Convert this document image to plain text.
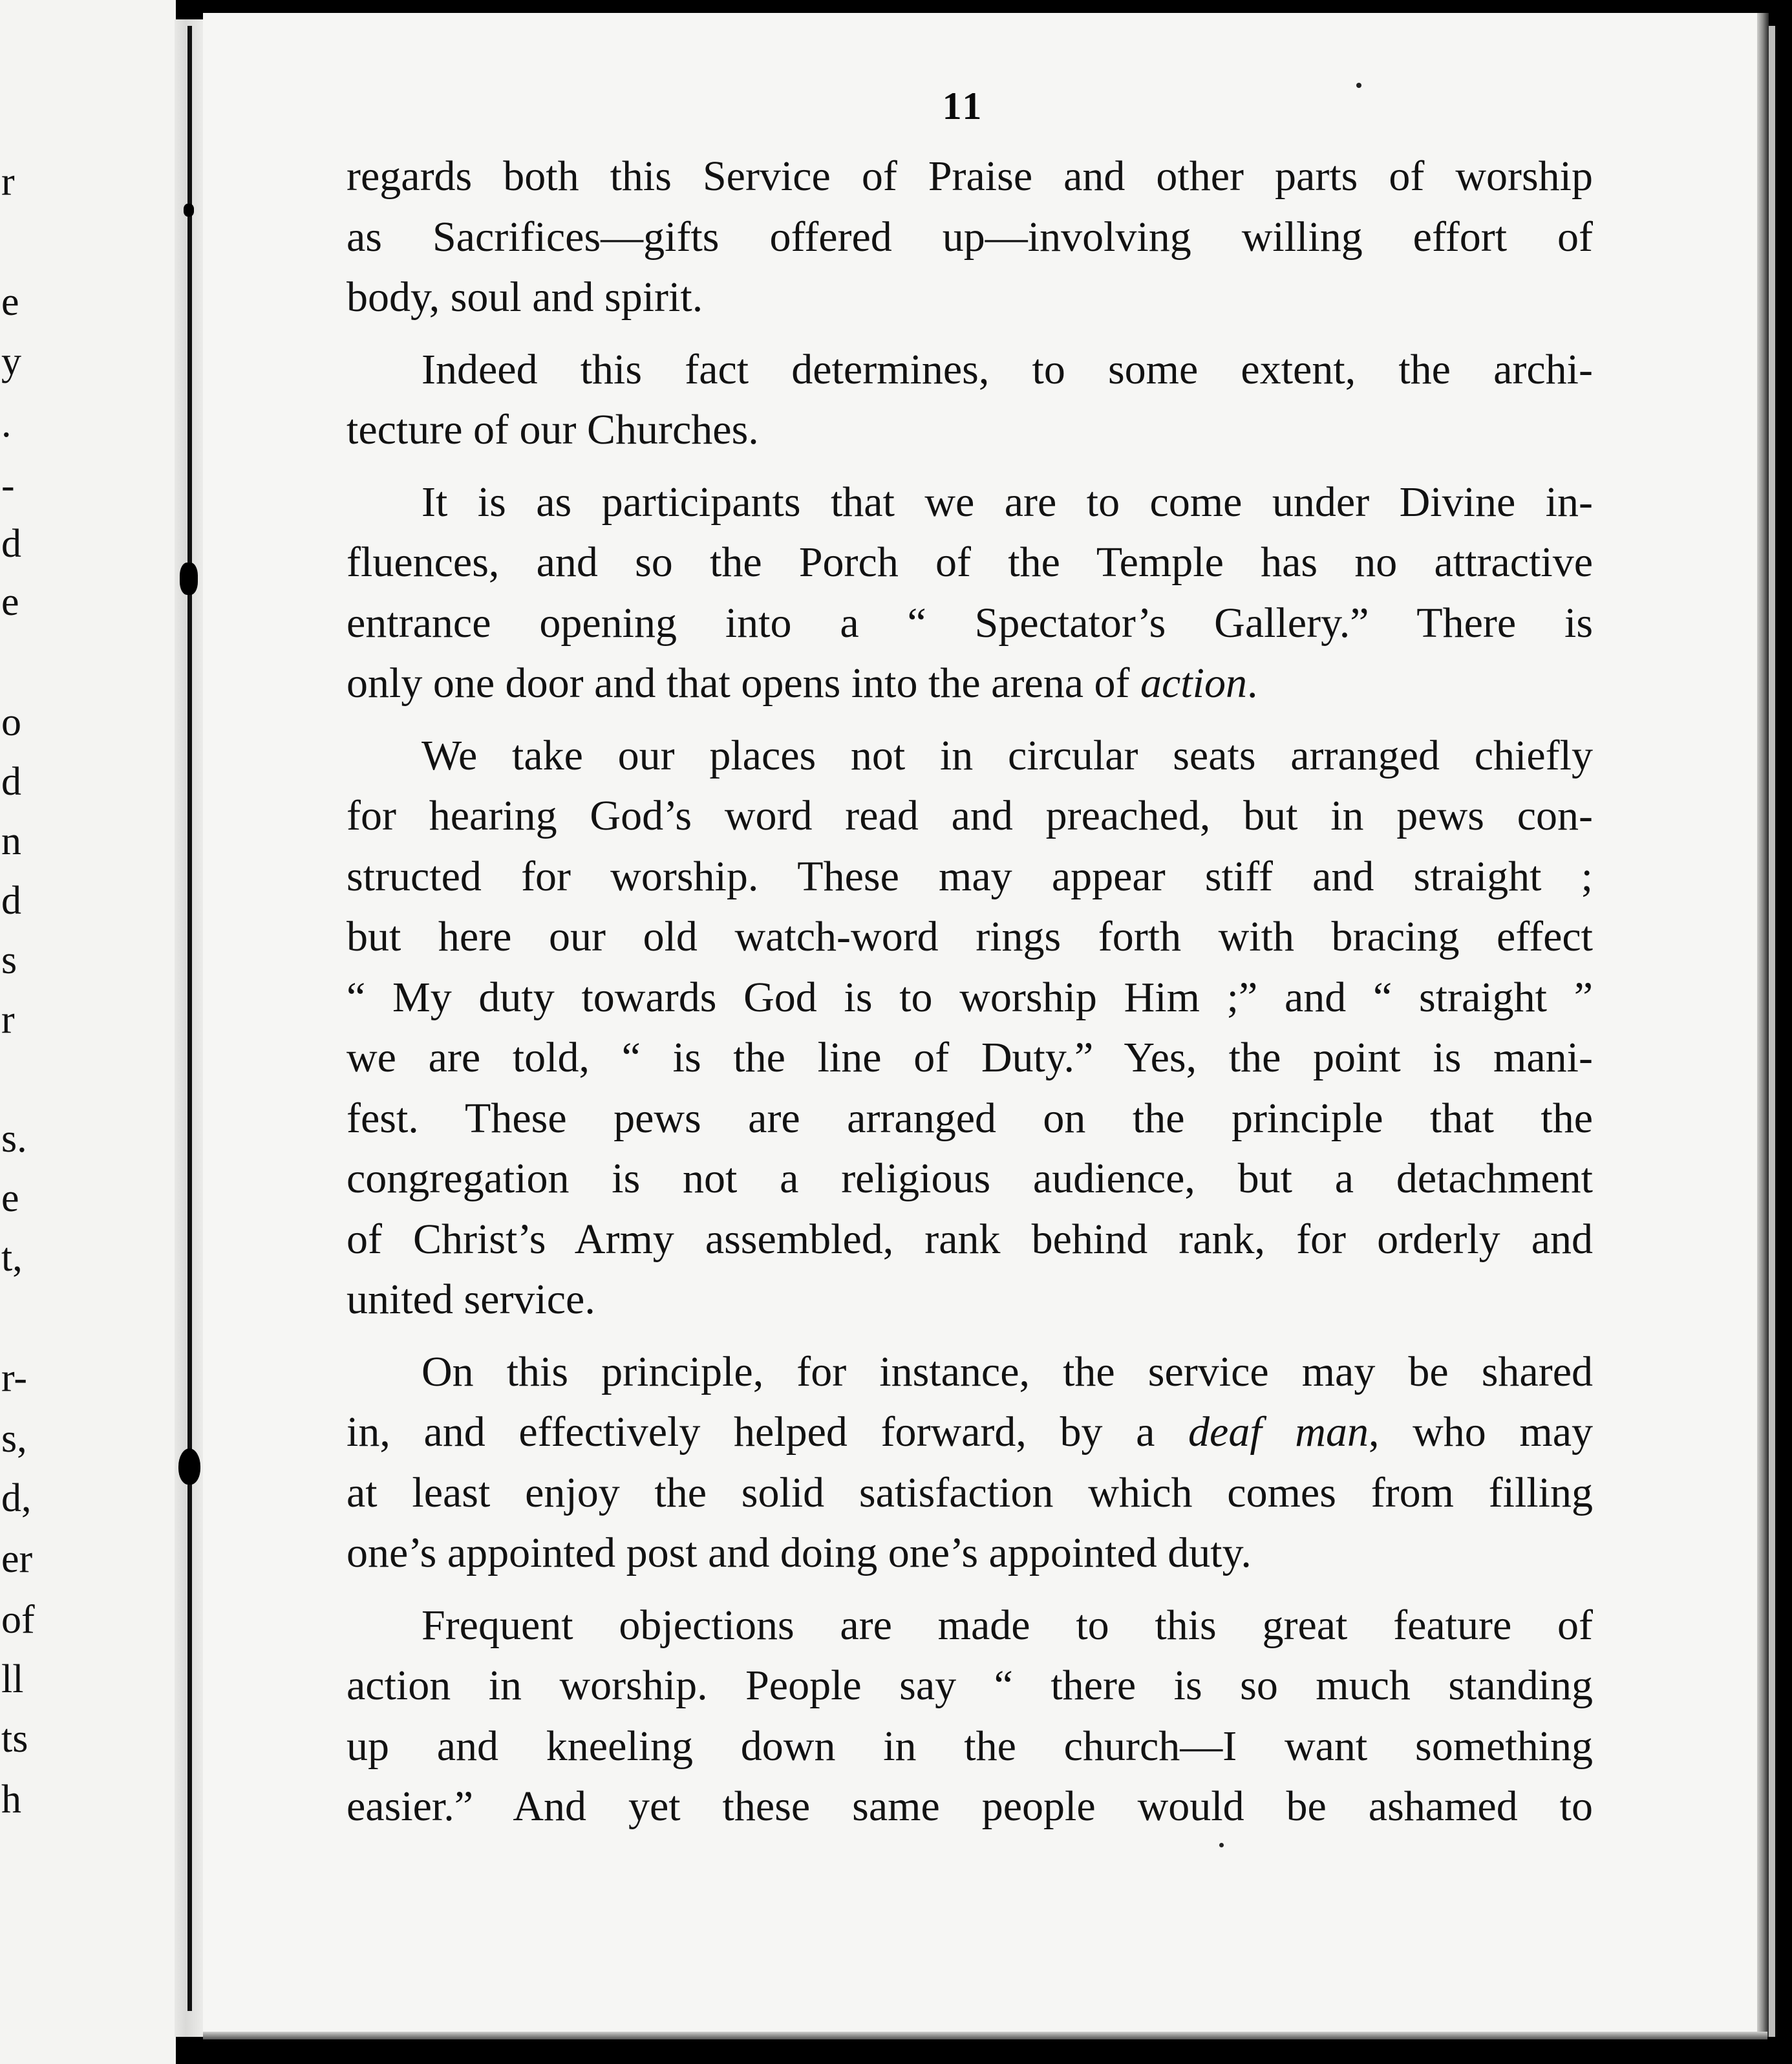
r
e
y
.
-
d
e
o
d
n
d
s
r
s.
e
t,
r-
s,
d,
er
of
ll
ts
h
11

regards both this Service of Praise and other parts of worship
as Sacrifices—gifts offered up—involving willing effort of
body, soul and spirit.

Indeed this fact determines, to some extent, the archi-
tecture of our Churches.

It is as participants that we are to come under Divine in-
fluences, and so the Porch of the Temple has no attractive
entrance opening into a “ Spectator’s Gallery.” There is
only one door and that opens into the arena of action.

We take our places not in circular seats arranged chiefly
for hearing God’s word read and preached, but in pews con-
structed for worship. These may appear stiff and straight ;
but here our old watch-word rings forth with bracing effect
“ My duty towards God is to worship Him ;” and “ straight ”
we are told, “ is the line of Duty.” Yes, the point is mani-
fest. These pews are arranged on the principle that the
congregation is not a religious audience, but a detachment
of Christ’s Army assembled, rank behind rank, for orderly and
united service.

On this principle, for instance, the service may be shared
in, and effectively helped forward, by a deaf man, who may
at least enjoy the solid satisfaction which comes from filling
one’s appointed post and doing one’s appointed duty.

Frequent objections are made to this great feature of
action in worship. People say “ there is so much standing
up and kneeling down in the church—I want something
easier.” And yet these same people would be ashamed to
